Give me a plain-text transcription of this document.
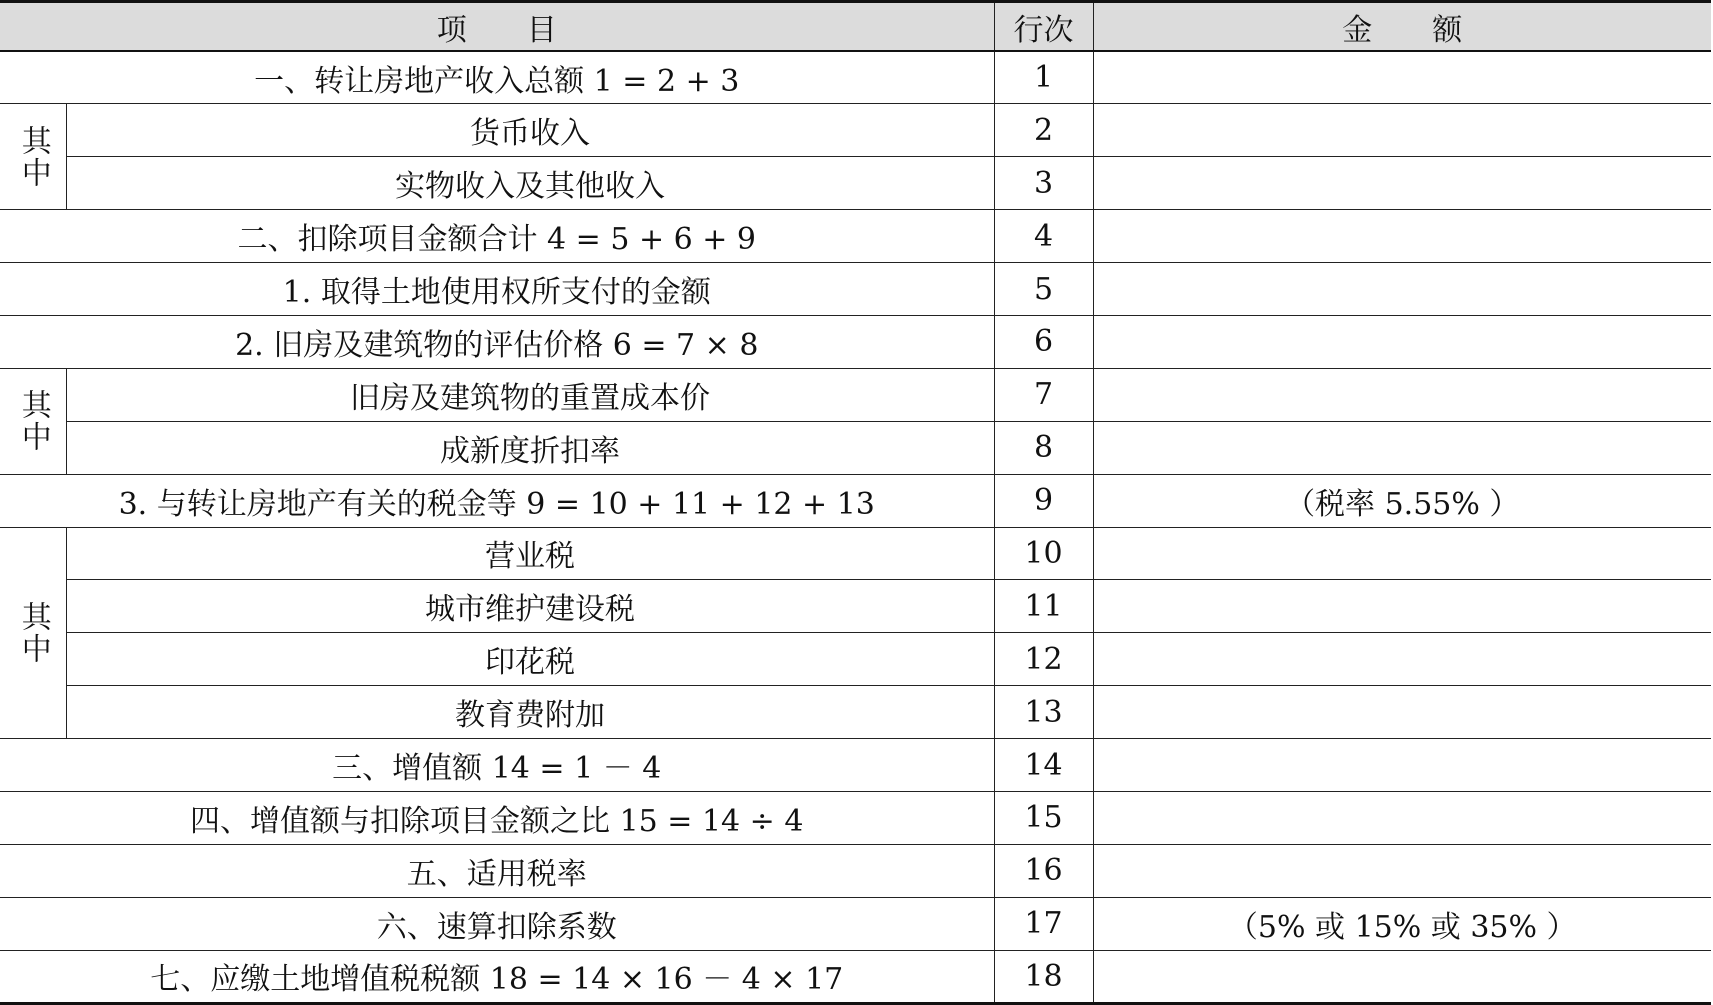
项　　目		行次	金　　额
一、转让房地产收入总额 1 = 2 + 3		1	
其中	货币收入	2	
	实物收入及其他收入	3	
二、扣除项目金额合计 4 = 5 + 6 + 9		4	
1. 取得土地使用权所支付的金额		5	
2. 旧房及建筑物的评估价格 6 = 7 × 8		6	
其中	旧房及建筑物的重置成本价	7	
	成新度折扣率	8	
3. 与转让房地产有关的税金等 9 = 10 + 11 + 12 + 13		9	（税率 5.55% ）
其中	营业税	10	
	城市维护建设税	11	
	印花税	12	
	教育费附加	13	
三、增值额 14 = 1 － 4		14	
四、增值额与扣除项目金额之比 15 = 14 ÷ 4		15	
五、适用税率		16	
六、速算扣除系数		17	（5% 或 15% 或 35% ）
七、应缴土地增值税税额 18 = 14 × 16 － 4 × 17		18	
